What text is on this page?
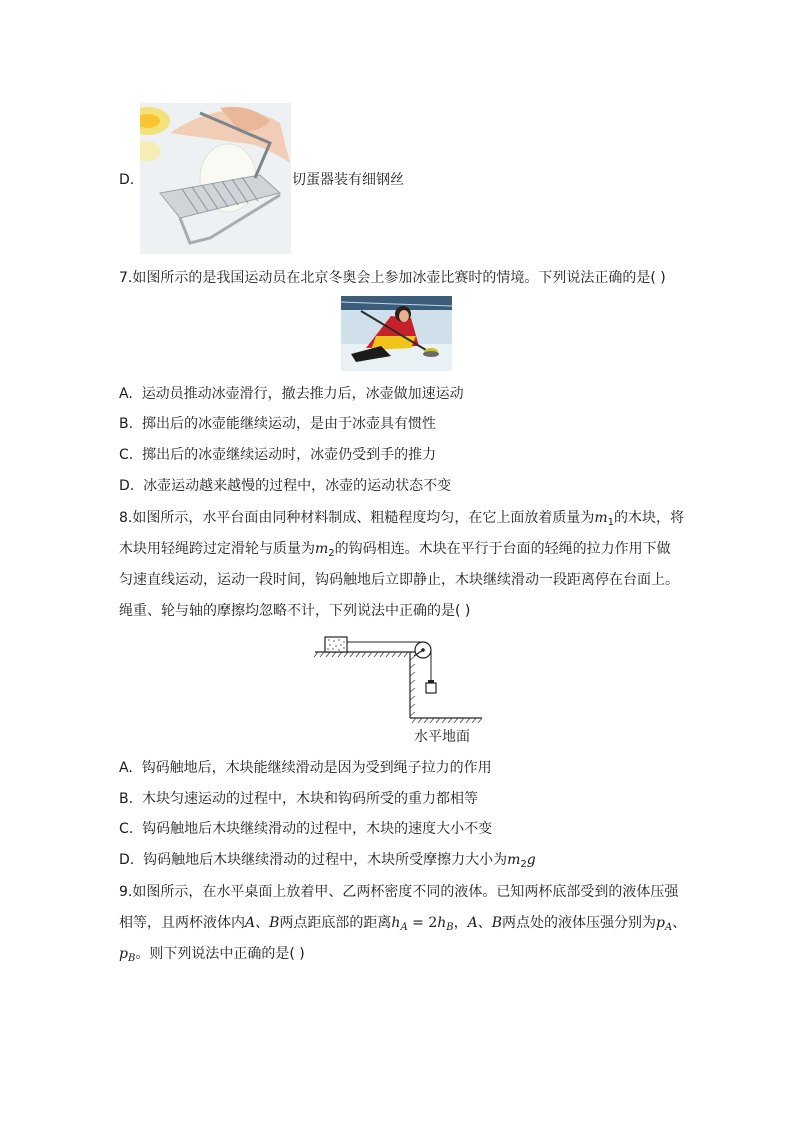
D.	切蛋器装有细钢丝
7.如图所示的是我国运动员在北京冬奥会上参加冰壶比赛时的情境。下列说法正确的是( )
A. 运动员推动冰壶滑行，撤去推力后，冰壶做加速运动
B. 掷出后的冰壶能继续运动，是由于冰壶具有惯性
C. 掷出后的冰壶继续运动时，冰壶仍受到手的推力
D. 冰壶运动越来越慢的过程中，冰壶的运动状态不变
8.如图所示，水平台面由同种材料制成、粗糙程度均匀，在它上面放着质量为$m_1$的木块，将
木块用轻绳跨过定滑轮与质量为$m_2$的钩码相连。木块在平行于台面的轻绳的拉力作用下做
匀速直线运动，运动一段时间，钩码触地后立即静止，木块继续滑动一段距离停在台面上。
绳重、轮与轴的摩擦均忽略不计，下列说法中正确的是( )
水平地面
A. 钩码触地后，木块能继续滑动是因为受到绳子拉力的作用
B. 木块匀速运动的过程中，木块和钩码所受的重力都相等
C. 钩码触地后木块继续滑动的过程中，木块的速度大小不变
D. 钩码触地后木块继续滑动的过程中，木块所受摩擦力大小为$m_2g$
9.如图所示，在水平桌面上放着甲、乙两杯密度不同的液体。已知两杯底部受到的液体压强
相等，且两杯液体内A、B两点距底部的距离$h_A = 2h_B$，A、B两点处的液体压强分别为$p_A$、
$p_B$。则下列说法中正确的是( )
